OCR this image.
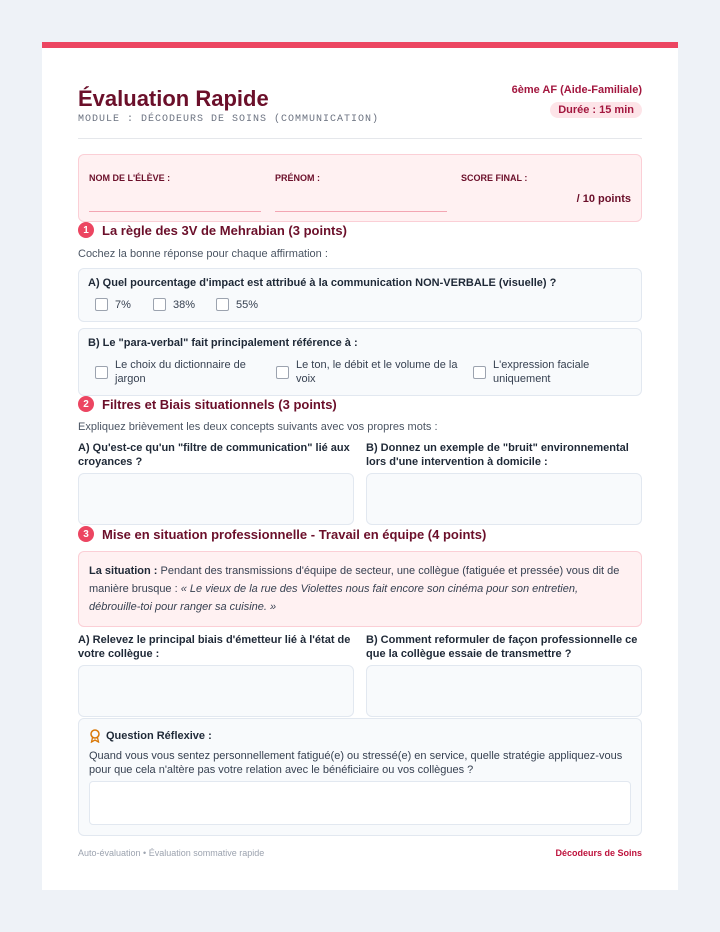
Évaluation Rapide
MODULE : DÉCODEURS DE SOINS (COMMUNICATION)
6ème AF (Aide-Familiale)
Durée : 15 min
NOM DE L'ÉLÈVE :	PRÉNOM :	SCORE FINAL :
/ 10 points
1	La règle des 3V de Mehrabian (3 points)
Cochez la bonne réponse pour chaque affirmation :
A) Quel pourcentage d'impact est attribué à la communication NON-VERBALE (visuelle) ?
7%	38%	55%
B) Le "para-verbal" fait principalement référence à :
Le choix du dictionnaire de jargon
Le ton, le débit et le volume de la voix
L'expression faciale uniquement
2	Filtres et Biais situationnels (3 points)
Expliquez brièvement les deux concepts suivants avec vos propres mots :
A) Qu'est-ce qu'un "filtre de communication" lié aux croyances ?
B) Donnez un exemple de "bruit" environnemental lors d'une intervention à domicile :
3	Mise en situation professionnelle - Travail en équipe (4 points)
La situation : Pendant des transmissions d'équipe de secteur, une collègue (fatiguée et pressée) vous dit de manière brusque : « Le vieux de la rue des Violettes nous fait encore son cinéma pour son entretien, débrouille-toi pour ranger sa cuisine. »
A) Relevez le principal biais d'émetteur lié à l'état de votre collègue :
B) Comment reformuler de façon professionnelle ce que la collègue essaie de transmettre ?
Question Réflexive :
Quand vous vous sentez personnellement fatigué(e) ou stressé(e) en service, quelle stratégie appliquez-vous pour que cela n'altère pas votre relation avec le bénéficiaire ou vos collègues ?
Auto-évaluation • Évaluation sommative rapide	Décodeurs de Soins
